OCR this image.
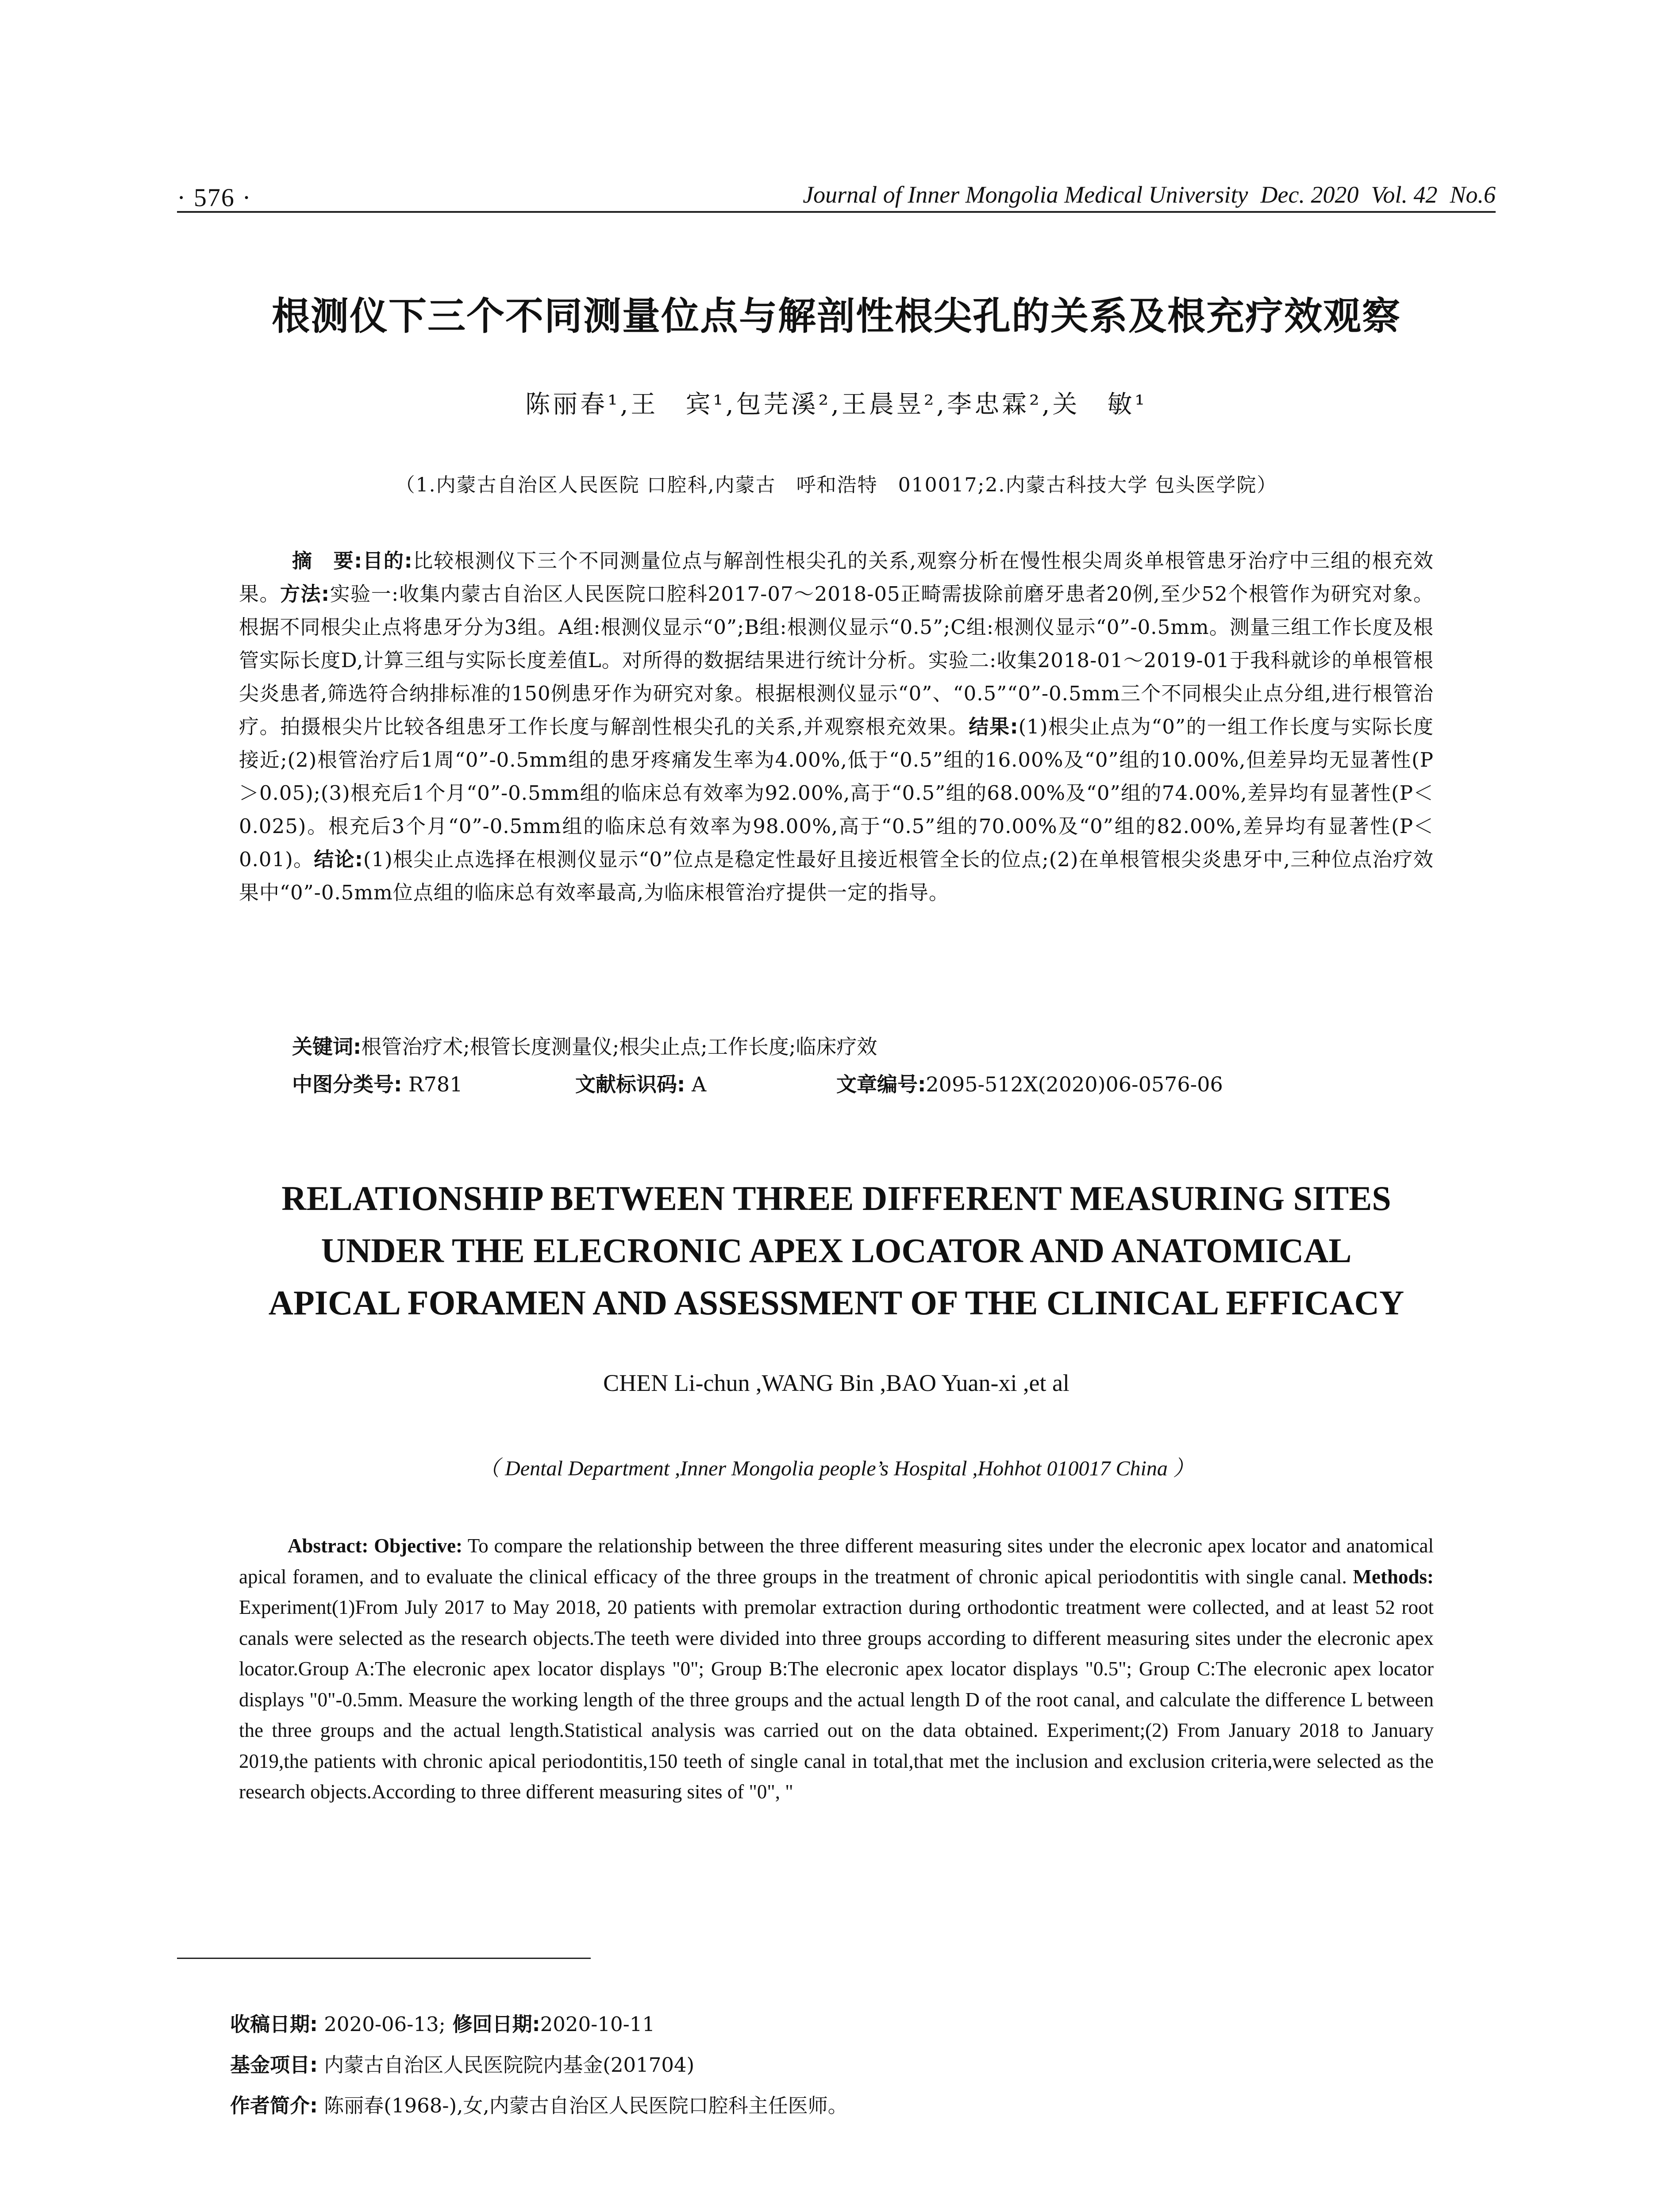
· 576 ·	Journal of Inner Mongolia Medical University Dec. 2020 Vol. 42 No.6
根测仪下三个不同测量位点与解剖性根尖孔的关系及根充疗效观察
陈丽春¹,王　宾¹,包芫溪²,王晨昱²,李忠霖²,关　敏¹
（1.内蒙古自治区人民医院 口腔科,内蒙古　呼和浩特　010017;2.内蒙古科技大学 包头医学院）
摘　要:目的:比较根测仪下三个不同测量位点与解剖性根尖孔的关系,观察分析在慢性根尖周炎单根管患牙治疗中三组的根充效果。方法:实验一:收集内蒙古自治区人民医院口腔科2017-07～2018-05正畸需拔除前磨牙患者20例,至少52个根管作为研究对象。根据不同根尖止点将患牙分为3组。A组:根测仪显示“0”;B组:根测仪显示“0.5”;C组:根测仪显示“0”-0.5mm。测量三组工作长度及根管实际长度D,计算三组与实际长度差值L。对所得的数据结果进行统计分析。实验二:收集2018-01～2019-01于我科就诊的单根管根尖炎患者,筛选符合纳排标准的150例患牙作为研究对象。根据根测仪显示“0”、“0.5”“0”-0.5mm三个不同根尖止点分组,进行根管治疗。拍摄根尖片比较各组患牙工作长度与解剖性根尖孔的关系,并观察根充效果。结果:(1)根尖止点为“0”的一组工作长度与实际长度接近;(2)根管治疗后1周“0”-0.5mm组的患牙疼痛发生率为4.00%,低于“0.5”组的16.00%及“0”组的10.00%,但差异均无显著性(P＞0.05);(3)根充后1个月“0”-0.5mm组的临床总有效率为92.00%,高于“0.5”组的68.00%及“0”组的74.00%,差异均有显著性(P＜0.025)。根充后3个月“0”-0.5mm组的临床总有效率为98.00%,高于“0.5”组的70.00%及“0”组的82.00%,差异均有显著性(P＜0.01)。结论:(1)根尖止点选择在根测仪显示“0”位点是稳定性最好且接近根管全长的位点;(2)在单根管根尖炎患牙中,三种位点治疗效果中“0”-0.5mm位点组的临床总有效率最高,为临床根管治疗提供一定的指导。
关键词:根管治疗术;根管长度测量仪;根尖止点;工作长度;临床疗效
中图分类号: R781	文献标识码: A	文章编号:2095-512X(2020)06-0576-06
RELATIONSHIP BETWEEN THREE DIFFERENT MEASURING SITES
UNDER THE ELECRONIC APEX LOCATOR AND ANATOMICAL
APICAL FORAMEN AND ASSESSMENT OF THE CLINICAL EFFICACY
CHEN Li-chun ,WANG Bin ,BAO Yuan-xi ,et al
（ Dental Department ,Inner Mongolia people’s Hospital ,Hohhot 010017 China ）
Abstract: Objective: To compare the relationship between the three different measuring sites under the elecronic apex locator and anatomical apical foramen, and to evaluate the clinical efficacy of the three groups in the treatment of chronic apical periodontitis with single canal. Methods: Experiment(1)From July 2017 to May 2018, 20 patients with premolar extraction during orthodontic treatment were collected, and at least 52 root canals were selected as the research objects.The teeth were divided into three groups according to different measuring sites under the elecronic apex locator.Group A:The elecronic apex locator displays "0"; Group B:The elecronic apex locator displays "0.5"; Group C:The elecronic apex locator displays "0"-0.5mm. Measure the working length of the three groups and the actual length D of the root canal, and calculate the difference L between the three groups and the actual length.Statistical analysis was carried out on the data obtained. Experiment;(2) From January 2018 to January 2019,the patients with chronic apical periodontitis,150 teeth of single canal in total,that met the inclusion and exclusion criteria,were selected as the research objects.According to three different measuring sites of "0", "
收稿日期: 2020-06-13; 修回日期:2020-10-11
基金项目: 内蒙古自治区人民医院院内基金(201704)
作者简介: 陈丽春(1968-),女,内蒙古自治区人民医院口腔科主任医师。
